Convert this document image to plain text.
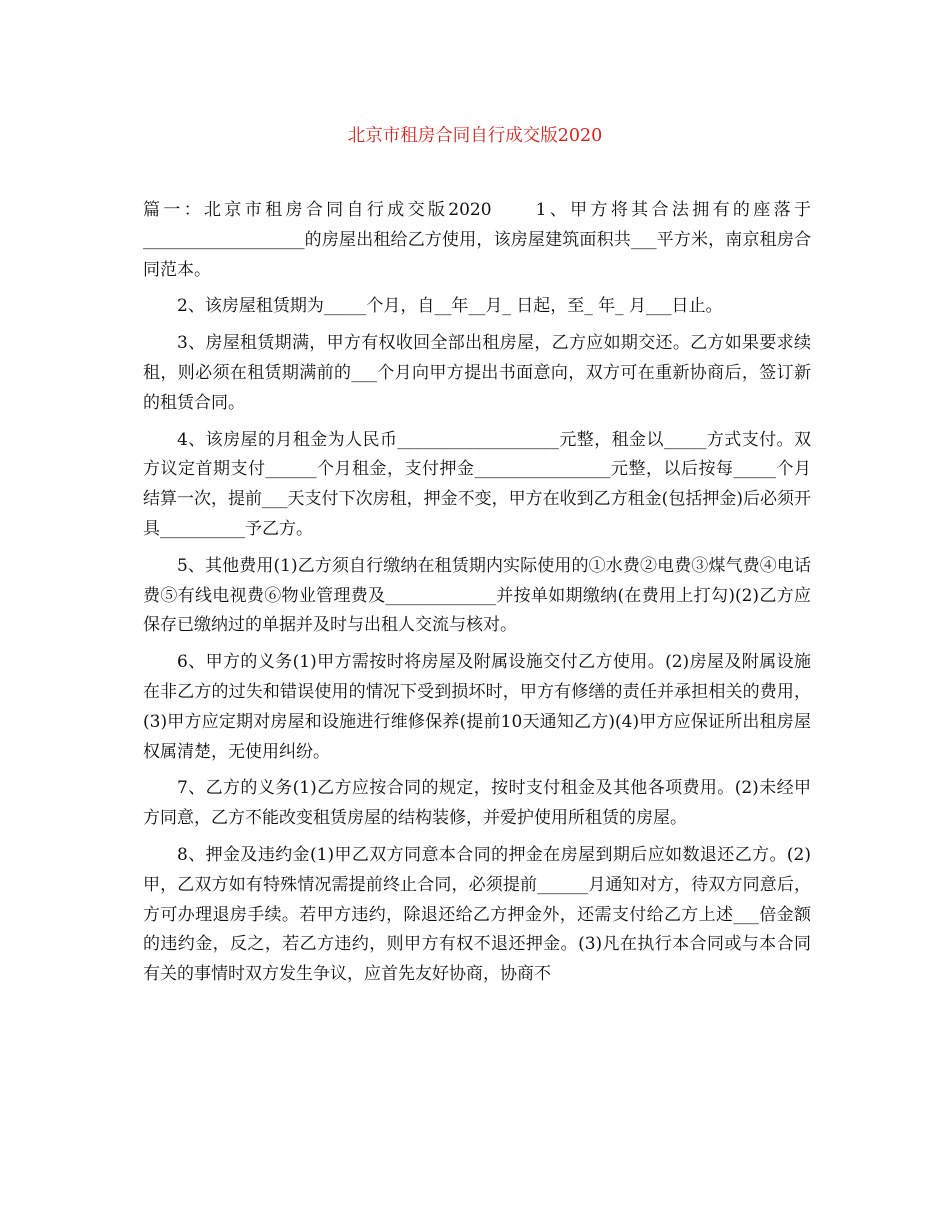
北京市租房合同自行成交版2020

篇一：北京市租房合同自行成交版2020　　1、甲方将其合法拥有的座落于___________________的房屋出租给乙方使用，该房屋建筑面积共___平方米，南京租房合同范本。

2、该房屋租赁期为_____个月，自__年__月_ 日起，至_ 年_ 月___日止。

3、房屋租赁期满，甲方有权收回全部出租房屋，乙方应如期交还。乙方如果要求续租，则必须在租赁期满前的___个月向甲方提出书面意向，双方可在重新协商后，签订新的租赁合同。

4、该房屋的月租金为人民币___________________元整，租金以_____方式支付。双方议定首期支付______个月租金，支付押金________________元整，以后按每_____个月结算一次，提前___天支付下次房租，押金不变，甲方在收到乙方租金(包括押金)后必须开具__________予乙方。

5、其他费用(1)乙方须自行缴纳在租赁期内实际使用的①水费②电费③煤气费④电话费⑤有线电视费⑥物业管理费及_____________并按单如期缴纳(在费用上打勾)(2)乙方应保存已缴纳过的单据并及时与出租人交流与核对。

6、甲方的义务(1)甲方需按时将房屋及附属设施交付乙方使用。(2)房屋及附属设施在非乙方的过失和错误使用的情况下受到损坏时，甲方有修缮的责任并承担相关的费用，(3)甲方应定期对房屋和设施进行维修保养(提前10天通知乙方)(4)甲方应保证所出租房屋权属清楚，无使用纠纷。

7、乙方的义务(1)乙方应按合同的规定，按时支付租金及其他各项费用。(2)未经甲方同意，乙方不能改变租赁房屋的结构装修，并爱护使用所租赁的房屋。

8、押金及违约金(1)甲乙双方同意本合同的押金在房屋到期后应如数退还乙方。(2)甲，乙双方如有特殊情况需提前终止合同，必须提前______月通知对方，待双方同意后，方可办理退房手续。若甲方违约，除退还给乙方押金外，还需支付给乙方上述___倍金额的违约金，反之，若乙方违约，则甲方有权不退还押金。(3)凡在执行本合同或与本合同有关的事情时双方发生争议，应首先友好协商，协商不
